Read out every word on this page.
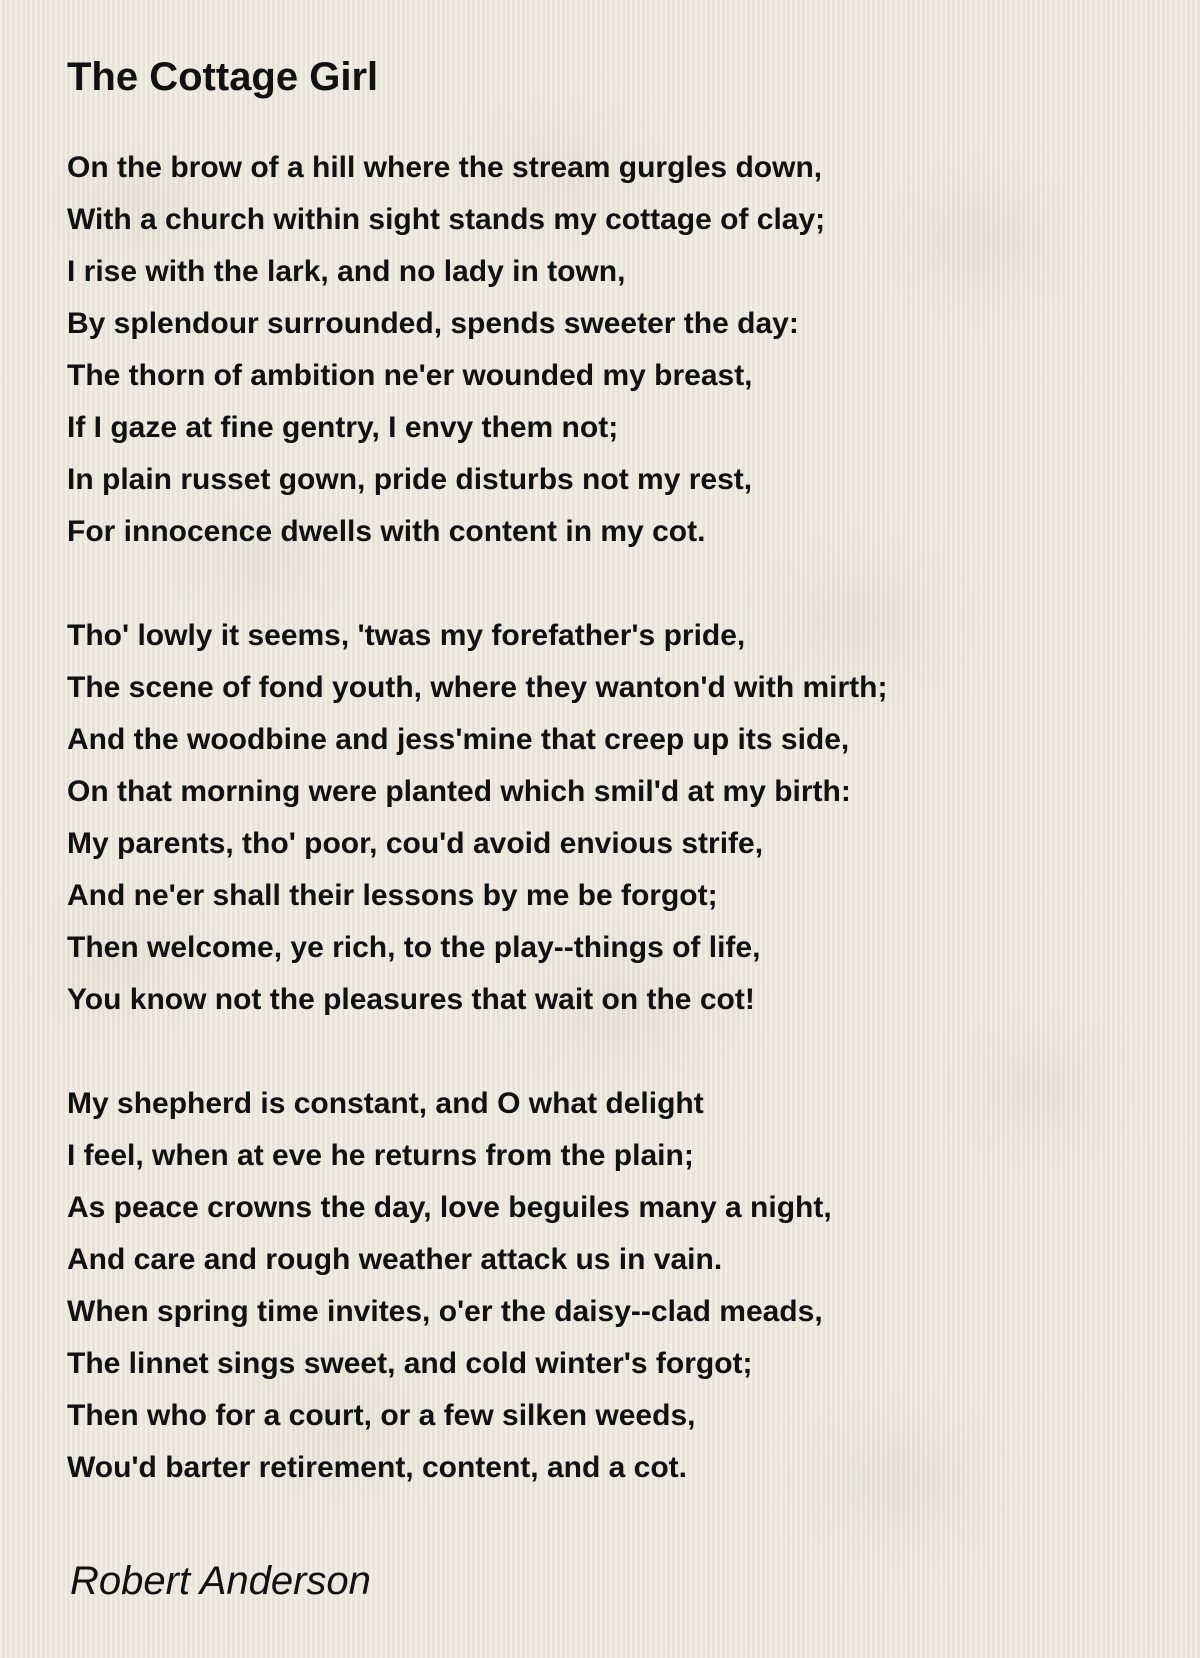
The Cottage Girl
On the brow of a hill where the stream gurgles down,
With a church within sight stands my cottage of clay;
I rise with the lark, and no lady in town,
By splendour surrounded, spends sweeter the day:
The thorn of ambition ne'er wounded my breast,
If I gaze at fine gentry, I envy them not;
In plain russet gown, pride disturbs not my rest,
For innocence dwells with content in my cot.
Tho' lowly it seems, 'twas my forefather's pride,
The scene of fond youth, where they wanton'd with mirth;
And the woodbine and jess'mine that creep up its side,
On that morning were planted which smil'd at my birth:
My parents, tho' poor, cou'd avoid envious strife,
And ne'er shall their lessons by me be forgot;
Then welcome, ye rich, to the play--things of life,
You know not the pleasures that wait on the cot!
My shepherd is constant, and O what delight
I feel, when at eve he returns from the plain;
As peace crowns the day, love beguiles many a night,
And care and rough weather attack us in vain.
When spring time invites, o'er the daisy--clad meads,
The linnet sings sweet, and cold winter's forgot;
Then who for a court, or a few silken weeds,
Wou'd barter retirement, content, and a cot.
Robert Anderson
